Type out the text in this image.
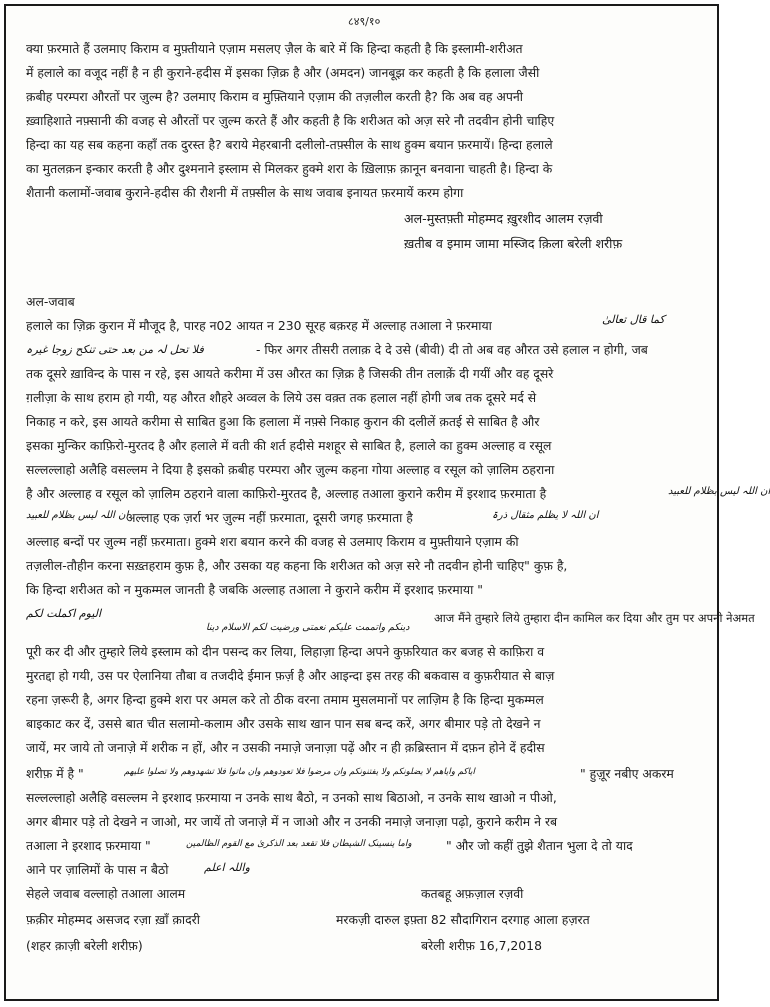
८४९/१०
क्या फ़रमाते हैं उलमाए किराम व मुफ़्तीयाने एज़ाम मसलए ज़ैल के बारे में कि हिन्दा कहती है कि इस्लामी-शरीअत
में हलाले का वजूद नहीं है न ही कुराने-हदीस में इसका ज़िक्र है और (अमदन) जानबूझ कर कहती है कि हलाला जैसी
क़बीह परम्परा औरतों पर ज़ुल्म है? उलमाए किराम व मुफ़्तियाने एज़ाम की तज़लील करती है? कि अब वह अपनी
ख़्वाहिशाते नफ़्सानी की वजह से औरतों पर ज़ुल्म करते हैं और कहती है कि शरीअत को अज़ सरे नौ तदवीन होनी चाहिए
हिन्दा का यह सब कहना कहाँ तक दुरस्त है? बराये मेहरबानी दलीलो-तफ़्सील के साथ हुक्म बयान फ़रमायें। हिन्दा हलाले
का मुतलक़न इन्कार करती है और दुश्मनाने इस्लाम से मिलकर हुक्मे शरा के ख़िलाफ़ क़ानून बनवाना चाहती है। हिन्दा के
शैतानी कलामों-जवाब कुराने-हदीस की रौशनी में तफ़्सील के साथ जवाब इनायत फ़रमायें करम होगा
अल-मुस्तफ़्ती मोहम्मद ख़ुरशीद आलम रज़वी
ख़तीब व इमाम जामा मस्जिद क़िला बरेली शरीफ़
अल-जवाब
हलाले का ज़िक्र कुरान में मौजूद है, पारह न02 आयत न 230 सूरह बक़रह में अल्लाह तआला ने फ़रमाया	كما قال تعالىٰ
فلا تحل لہ من بعد حتی تنکح زوجا غیرہ	- फिर अगर तीसरी तलाक़ दे दे उसे (बीवी) दी तो अब वह औरत उसे हलाल न होगी, जब
तक दूसरे ख़ाविन्द के पास न रहे, इस आयते करीमा में उस औरत का ज़िक्र है जिसकी तीन तलाक़ें दी गयीं और वह दूसरे
ग़लीज़ा के साथ हराम हो गयी, यह औरत शौहरे अव्वल के लिये उस वक़्त तक हलाल नहीं होगी जब तक दूसरे मर्द से
निकाह न करे, इस आयते करीमा से साबित हुआ कि हलाला में नफ़्से निकाह कुरान की दलीलें क़तई से साबित है और
इसका मुन्किर काफ़िरो-मुरतद है और हलाले में वती की शर्त हदीसे मशहूर से साबित है, हलाले का हुक्म अल्लाह व रसूल
सल्लल्लाहो अलैहि वसल्लम ने दिया है इसको क़बीह परम्परा और ज़ुल्म कहना गोया अल्लाह व रसूल को ज़ालिम ठहराना
है और अल्लाह व रसूल को ज़ालिम ठहराने वाला काफ़िरो-मुरतद है, अल्लाह तआला कुराने करीम में इरशाद फ़रमाता है	ان اللہ لیس بظلام للعبید
ان اللہ لیس بظلام للعبید
अल्लाह एक ज़र्रा भर ज़ुल्म नहीं फ़रमाता, दूसरी जगह फ़रमाता है	ان اللہ لا یظلم مثقال ذرۃ
अल्लाह बन्दों पर ज़ुल्म नहीं फ़रमाता। हुक्मे शरा बयान करने की वजह से उलमाए किराम व मुफ़्तीयाने एज़ाम की
तज़लील-तौहीन करना सख़्तहराम कुफ़ है, और उसका यह कहना कि शरीअत को अज़ सरे नौ तदवीन होनी चाहिए" कुफ़ है,
कि हिन्दा शरीअत को न मुकम्मल जानती है जबकि अल्लाह तआला ने कुराने करीम में इरशाद फ़रमाया "
الیوم اکملت لکم
دینکم واتممت علیکم نعمتی ورضیت لکم الاسلام دینا
आज मैंने तुम्हारे लिये तुम्हारा दीन कामिल कर दिया और तुम पर अपनी नेअमत
पूरी कर दी और तुम्हारे लिये इस्लाम को दीन पसन्द कर लिया, लिहाज़ा हिन्दा अपने कुफ़रियात कर बजह से काफ़िरा व
मुरतद्दा हो गयी, उस पर ऐलानिया तौबा व तजदीदे ईमान फ़र्ज़ है और आइन्दा इस तरह की बकवास व कुफ़रीयात से बाज़
रहना ज़रूरी है, अगर हिन्दा हुक्मे शरा पर अमल करे तो ठीक वरना तमाम मुसलमानों पर लाज़िम है कि हिन्दा मुकम्मल
बाइकाट कर दें, उससे बात चीत सलामो-कलाम और उसके साथ खान पान सब बन्द करें, अगर बीमार पड़े तो देखने न
जायें, मर जाये तो जनाज़े में शरीक न हों, और न उसकी नमाज़े जनाज़ा पढ़ें और न ही क़ब्रिस्तान में दफ़न होने दें हदीस
शरीफ़ में है "	ایاکم وایاھم لا یضلونکم ولا یفتنونکم وان مرضوا فلا تعودوھم وان ماتوا فلا تشھدوھم ولا تصلوا علیھم	" हुज़ूर नबीए अकरम
सल्लल्लाहो अलैहि वसल्लम ने इरशाद फ़रमाया न उनके साथ बैठो, न उनको साथ बिठाओ, न उनके साथ खाओ न पीओ,
अगर बीमार पड़े तो देखने न जाओ, मर जायें तो जनाज़े में न जाओ और न उनकी नमाज़े जनाज़ा पढ़ो, कुराने करीम ने रब
तआला ने इरशाद फ़रमाया "	واما ینسینک الشیطان فلا تقعد بعد الذکریٰ مع القوم الظالمین	" और जो कहीं तुझे शैतान भुला दे तो याद
आने पर ज़ालिमों के पास न बैठो	واللہ اعلم
सेहले जवाब वल्लाहो तआला आलम
फ़क़ीर मोहम्मद असजद रज़ा ख़ाँ क़ादरी
(शहर क़ाज़ी बरेली शरीफ़)
कतबहू अफ़ज़ाल रज़वी
मरकज़ी दारुल इफ़्ता 82 सौदागिरान दरगाह आला हज़रत
बरेली शरीफ़ 16,7,2018
